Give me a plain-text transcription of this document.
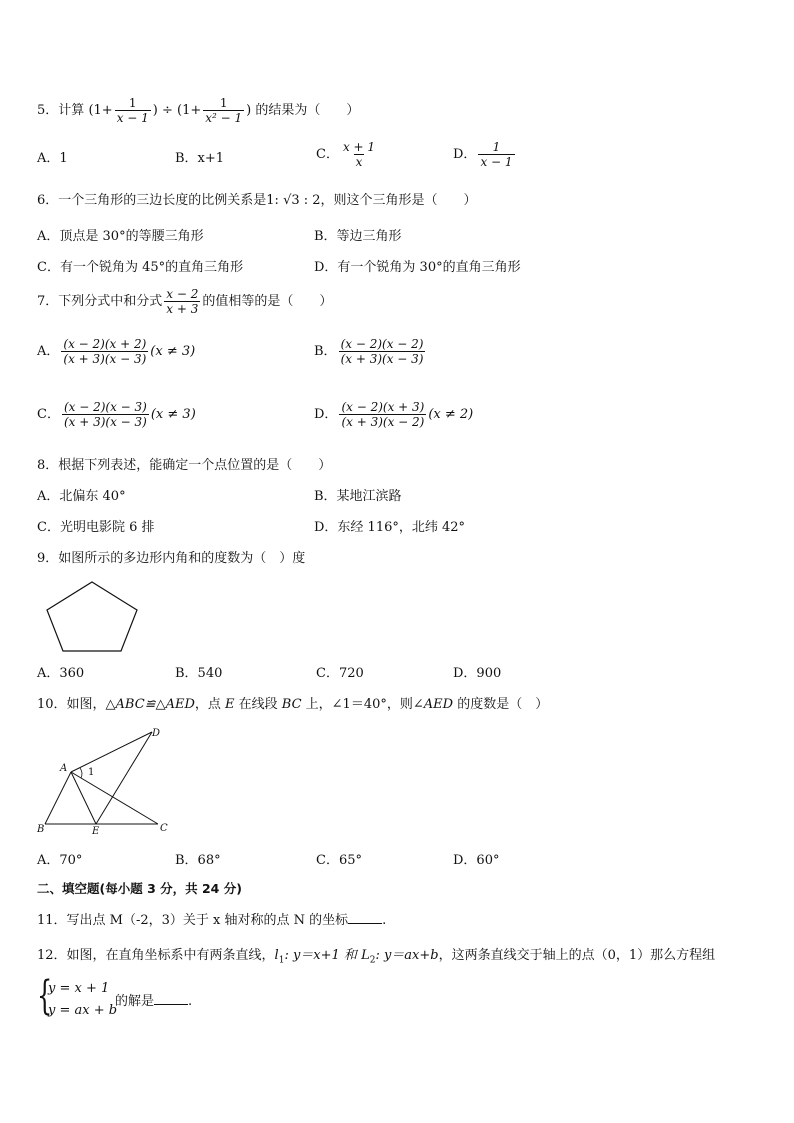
5．计算 ($1+ \frac{1}{x - 1}$ ) ÷ ($1+ \frac{1}{\text{x² − 1}}$ ) 的结果为（　　）
A．1	B．x+1	C． $\frac{x + 1}{x}$	D． $\frac{1}{x - 1}$
6．一个三角形的三边长度的比例关系是1: √3 : 2，则这个三角形是（　　）
A．顶点是 30°的等腰三角形	B．等边三角形
C．有一个锐角为 45°的直角三角形	D．有一个锐角为 30°的直角三角形
7．下列分式中和分式 $\frac{x - 2}{x + 3}$ 的值相等的是（　　）
A． $\frac{(x - 2)(x + 2)}{(x + 3)(x - 3)} (x \ne 3)$	B． $\frac{(x - 2)(x - 2)}{(x + 3)(x - 3)}$
C． $\frac{(x - 2)(x - 3)}{(x + 3)(x - 3)} (x \ne 3)$	D． $\frac{(x - 2)(x + 3)}{(x + 3)(x - 2)} (x \ne 2)$
8．根据下列表述，能确定一个点位置的是（　　）
A．北偏东 40°	B．某地江滨路
C．光明电影院 6 排	D．东经 116°，北纬 42°
9．如图所示的多边形内角和的度数为（　）度
A．360	B．540	C．720	D．900
10．如图，△ABC≌△AED，点 E 在线段 BC 上，∠1＝40°，则∠AED 的度数是（　）
A
B	C
D
E
1
A．70°	B．68°	C．65°	D．60°
二、填空题(每小题 3 分，共 24 分)
11．写出点 M（-2，3）关于 x 轴对称的点 N 的坐标	.
12．如图，在直角坐标系中有两条直线，$l_1$: y＝x+1 和 $L_2$: y＝ax+b，这两条直线交于轴上的点（0，1）那么方程组
{
y = x + 1
y = ax + b
的解是	.
